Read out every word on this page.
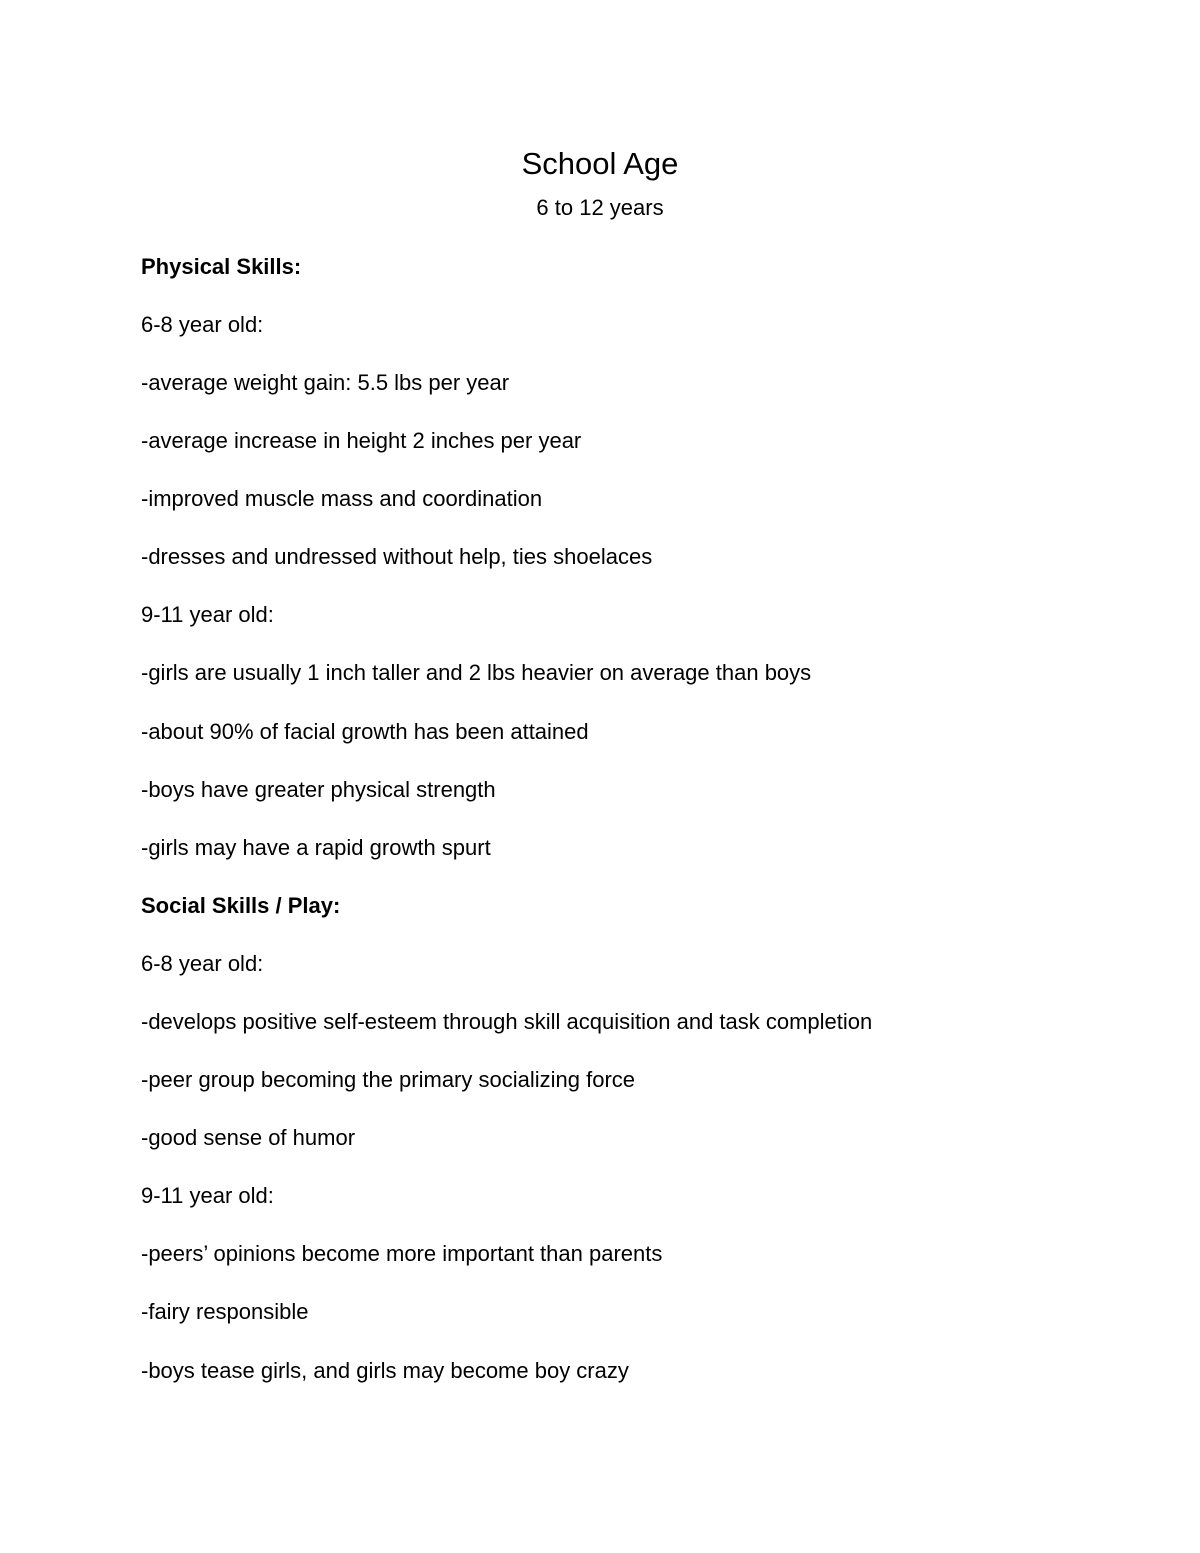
School Age

6 to 12 years

Physical Skills:

6-8 year old:

-average weight gain: 5.5 lbs per year

-average increase in height 2 inches per year

-improved muscle mass and coordination

-dresses and undressed without help, ties shoelaces

9-11 year old:

-girls are usually 1 inch taller and 2 lbs heavier on average than boys

-about 90% of facial growth has been attained

-boys have greater physical strength

-girls may have a rapid growth spurt

Social Skills / Play:

6-8 year old:

-develops positive self-esteem through skill acquisition and task completion

-peer group becoming the primary socializing force

-good sense of humor

9-11 year old:

-peers’ opinions become more important than parents

-fairy responsible

-boys tease girls, and girls may become boy crazy
